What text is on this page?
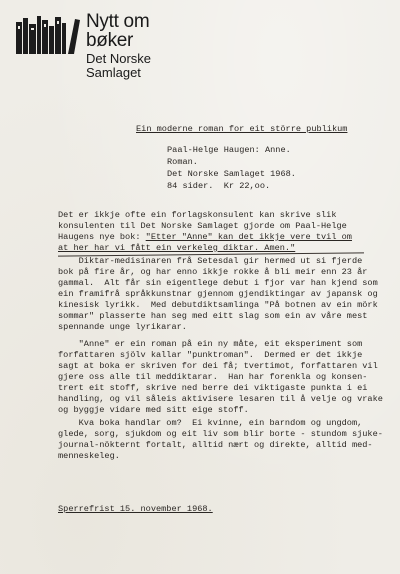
Nytt om
bøker
Det Norske
Samlaget
Ein moderne roman for eit större publikum
Paal-Helge Haugen: Anne.
Roman.
Det Norske Samlaget 1968.
84 sider.  Kr 22,oo.
Det er ikkje ofte ein forlagskonsulent kan skrive slik
konsulenten til Det Norske Samlaget gjorde om Paal-Helge
Haugens nye bok: "Etter "Anne" kan det ikkje vere tvil om
at her har vi fått ein verkeleg diktar. Amen."
Diktar-medisinaren frå Setesdal gir hermed ut si fjerde
bok på fire år, og har enno ikkje rokke å bli meir enn 23 år
gammal.  Alt får sin eigentlege debut i fjor var han kjend som
ein framifrå språkkunstnar gjennom gjendiktingar av japansk og
kinesisk lyrikk.  Med debutdiktsamlinga "På botnen av ein mörk
sommar" plasserte han seg med eitt slag som ein av våre mest
spennande unge lyrikarar.
"Anne" er ein roman på ein ny måte, eit eksperiment som
forfattaren sjölv kallar "punktroman".  Dermed er det ikkje
sagt at boka er skriven for dei få; tvertimot, forfattaren vil
gjere oss alle til meddiktarar.  Han har forenkla og konsen-
trert eit stoff, skrive ned berre dei viktigaste punkta i ei
handling, og vil såleis aktivisere lesaren til å velje og vrake
og byggje vidare med sitt eige stoff.
Kva boka handlar om?  Ei kvinne, ein barndom og ungdom,
glede, sorg, sjukdom og eit liv som blir borte - stundom sjuke-
journal-nökternt fortalt, alltid nært og direkte, alltid med-
menneskeleg.
Sperrefrist 15. november 1968.
